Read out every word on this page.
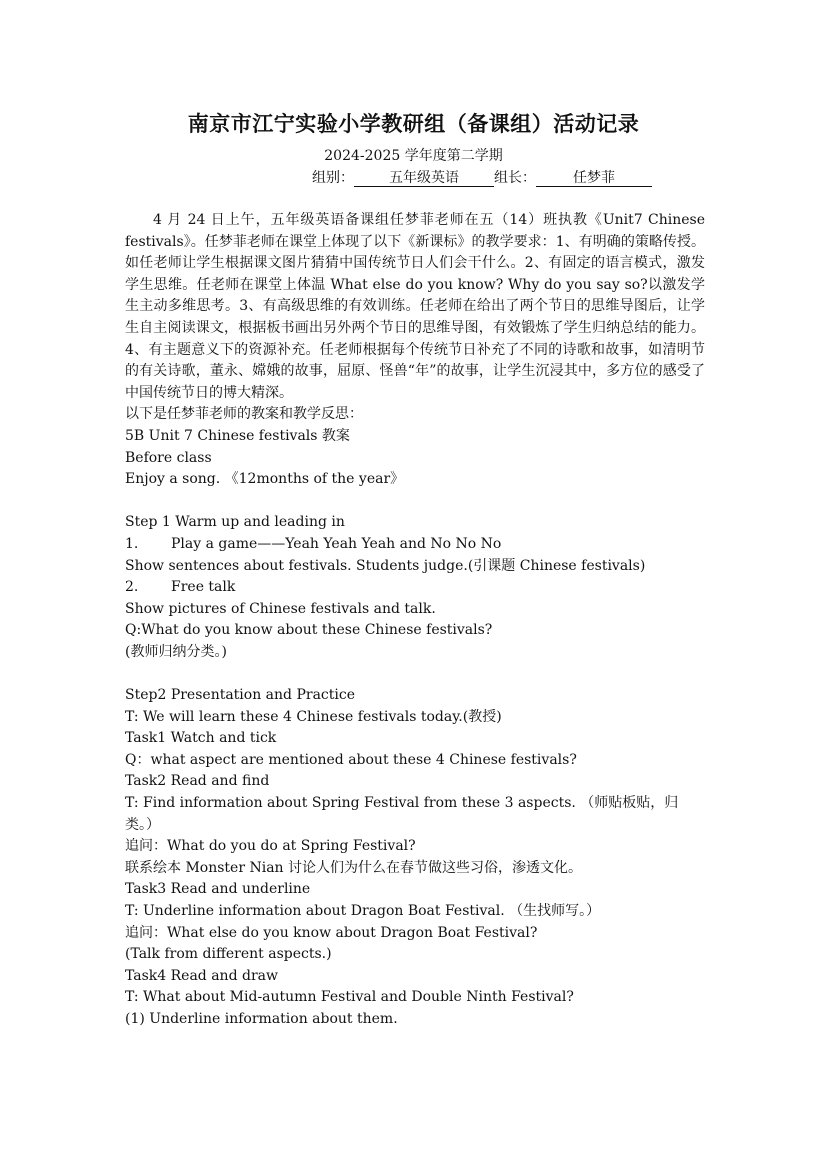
南京市江宁实验小学教研组（备课组）活动记录
2024-2025 学年度第二学期
组别：	五年级英语	组长：	任梦菲

4 月 24 日上午，五年级英语备课组任梦菲老师在五（14）班执教《Unit7 Chinese festivals》。任梦菲老师在课堂上体现了以下《新课标》的教学要求：1、有明确的策略传授。如任老师让学生根据课文图片猜猜中国传统节日人们会干什么。2、有固定的语言模式，激发学生思维。任老师在课堂上体温 What else do you know? Why do you say so?以激发学生主动多维思考。3、有高级思维的有效训练。任老师在给出了两个节日的思维导图后，让学生自主阅读课文，根据板书画出另外两个节日的思维导图，有效锻炼了学生归纳总结的能力。4、有主题意义下的资源补充。任老师根据每个传统节日补充了不同的诗歌和故事，如清明节的有关诗歌，董永、嫦娥的故事，屈原、怪兽“年”的故事，让学生沉浸其中，多方位的感受了中国传统节日的博大精深。

以下是任梦菲老师的教案和教学反思：

5B Unit 7 Chinese festivals 教案

Before class

Enjoy a song. 《12months of the year》

Step 1 Warm up and leading in

1. Play a game——Yeah Yeah Yeah and No No No

Show sentences about festivals. Students judge.(引课题 Chinese festivals)

2. Free talk

Show pictures of Chinese festivals and talk.

Q:What do you know about these Chinese festivals?

(教师归纳分类。)

Step2 Presentation and Practice

T: We will learn these 4 Chinese festivals today.(教授)

Task1 Watch and tick

Q：what aspect are mentioned about these 4 Chinese festivals?

Task2 Read and find

T: Find information about Spring Festival from these 3 aspects. （师贴板贴，归类。）

追问：What do you do at Spring Festival?

联系绘本 Monster Nian 讨论人们为什么在春节做这些习俗，渗透文化。

Task3 Read and underline

T: Underline information about Dragon Boat Festival. （生找师写。）

追问：What else do you know about Dragon Boat Festival?

(Talk from different aspects.)

Task4 Read and draw

T: What about Mid-autumn Festival and Double Ninth Festival?

(1) Underline information about them.
